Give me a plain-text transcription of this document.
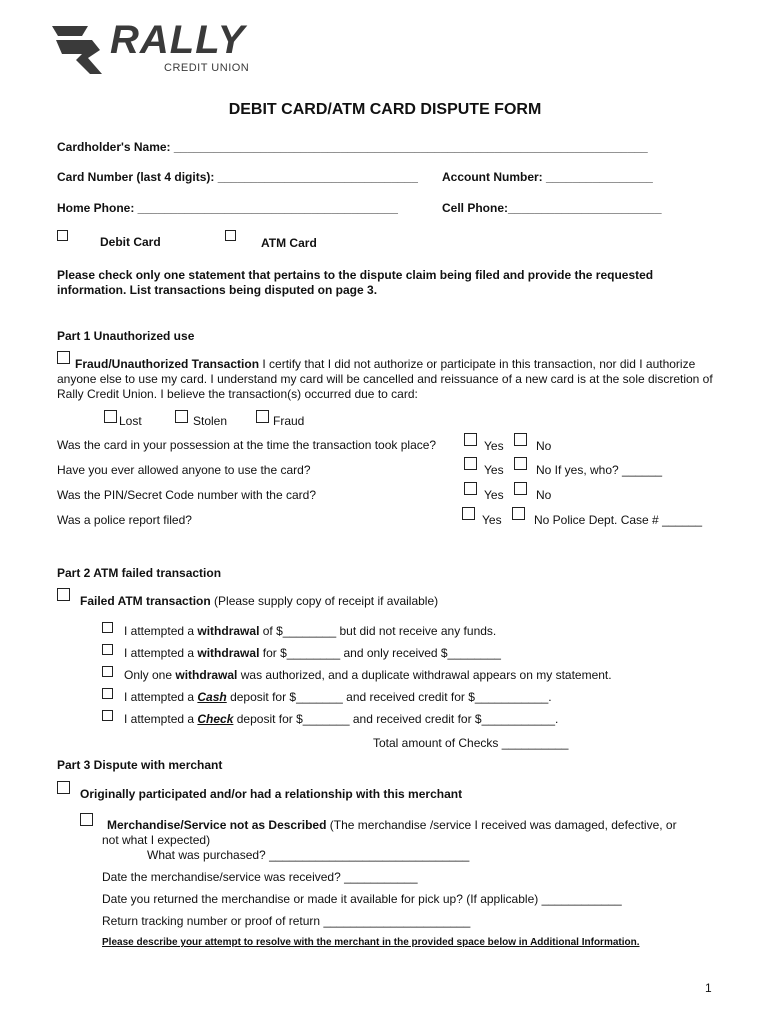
RALLY
CREDIT UNION
DEBIT CARD/ATM CARD DISPUTE FORM
Cardholder's Name: _______________________________________________________________________
Card Number (last 4 digits): ______________________________ Account Number: ________________
Home Phone: _______________________________________	Cell Phone:_______________________
Debit Card	ATM Card
Please check only one statement that pertains to the dispute claim being filed and provide the requested information. List transactions being disputed on page 3.
Part 1 Unauthorized use
Fraud/Unauthorized Transaction I certify that I did not authorize or participate in this transaction, nor did I authorize anyone else to use my card. I understand my card will be cancelled and reissuance of a new card is at the sole discretion of Rally Credit Union. I believe the transaction(s) occurred due to card:
Lost	Stolen	Fraud
Was the card in your possession at the time the transaction took place?	Yes	No
Have you ever allowed anyone to use the card?	Yes	No If yes, who? ______
Was the PIN/Secret Code number with the card?	Yes	No
Was a police report filed?	Yes	No Police Dept. Case # ______
Part 2 ATM failed transaction
Failed ATM transaction (Please supply copy of receipt if available)
I attempted a withdrawal of $________ but did not receive any funds.
I attempted a withdrawal for $________ and only received $________
Only one withdrawal was authorized, and a duplicate withdrawal appears on my statement.
I attempted a Cash deposit for $_______ and received credit for $___________.
I attempted a Check deposit for $_______ and received credit for $___________.
Total amount of Checks __________
Part 3 Dispute with merchant
Originally participated and/or had a relationship with this merchant
Merchandise/Service not as Described (The merchandise /service I received was damaged, defective, or
not what I expected)
What was purchased? ______________________________
Date the merchandise/service was received? ___________
Date you returned the merchandise or made it available for pick up? (If applicable) ____________
Return tracking number or proof of return ______________________
Please describe your attempt to resolve with the merchant in the provided space below in Additional Information.
1
